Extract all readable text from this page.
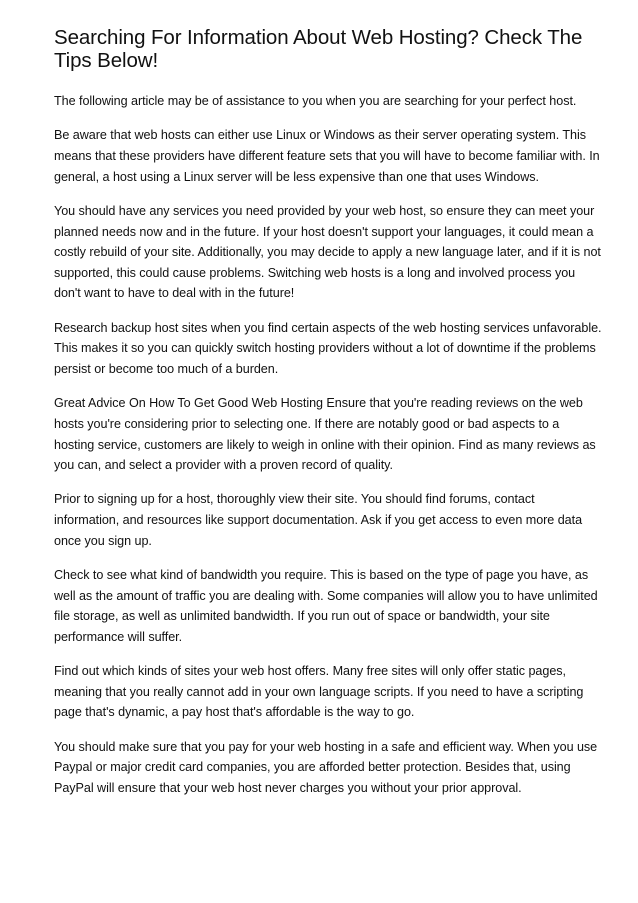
Searching For Information About Web Hosting? Check The Tips Below!

The following article may be of assistance to you when you are searching for your perfect host.

Be aware that web hosts can either use Linux or Windows as their server operating system. This means that these providers have different feature sets that you will have to become familiar with. In general, a host using a Linux server will be less expensive than one that uses Windows.

You should have any services you need provided by your web host, so ensure they can meet your planned needs now and in the future. If your host doesn't support your languages, it could mean a costly rebuild of your site. Additionally, you may decide to apply a new language later, and if it is not supported, this could cause problems. Switching web hosts is a long and involved process you don't want to have to deal with in the future!

Research backup host sites when you find certain aspects of the web hosting services unfavorable. This makes it so you can quickly switch hosting providers without a lot of downtime if the problems persist or become too much of a burden.

Great Advice On How To Get Good Web Hosting Ensure that you're reading reviews on the web hosts you're considering prior to selecting one. If there are notably good or bad aspects to a hosting service, customers are likely to weigh in online with their opinion. Find as many reviews as you can, and select a provider with a proven record of quality.

Prior to signing up for a host, thoroughly view their site. You should find forums, contact information, and resources like support documentation. Ask if you get access to even more data once you sign up.

Check to see what kind of bandwidth you require. This is based on the type of page you have, as well as the amount of traffic you are dealing with. Some companies will allow you to have unlimited file storage, as well as unlimited bandwidth. If you run out of space or bandwidth, your site performance will suffer.

Find out which kinds of sites your web host offers. Many free sites will only offer static pages, meaning that you really cannot add in your own language scripts. If you need to have a scripting page that's dynamic, a pay host that's affordable is the way to go.

You should make sure that you pay for your web hosting in a safe and efficient way. When you use Paypal or major credit card companies, you are afforded better protection. Besides that, using PayPal will ensure that your web host never charges you without your prior approval.
